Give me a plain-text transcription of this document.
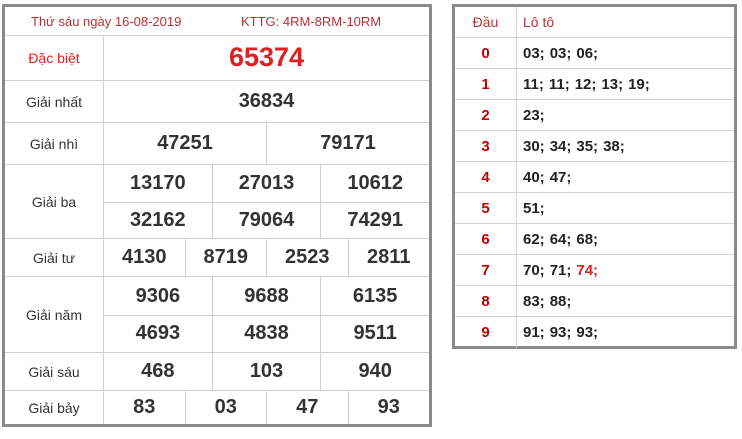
Thứ sáu ngày 16-08-2019	KTTG: 4RM-8RM-10RM
Đặc biệt	65374
Giải nhất	36834
Giải nhì	47251	79171
Giải ba
13170	27013	10612
32162	79064	74291
Giải tư	4130	8719	2523	2811
Giải năm
9306	9688	6135
4693	4838	9511
Giải sáu	468	103	940
Giải bảy	83	03	47	93
Đầu	Lô tô
0	03; 03; 06;
1	11; 11; 12; 13; 19;
2	23;
3	30; 34; 35; 38;
4	40; 47;
5	51;
6	62; 64; 68;
7	70; 71; 74;
8	83; 88;
9	91; 93; 93;
